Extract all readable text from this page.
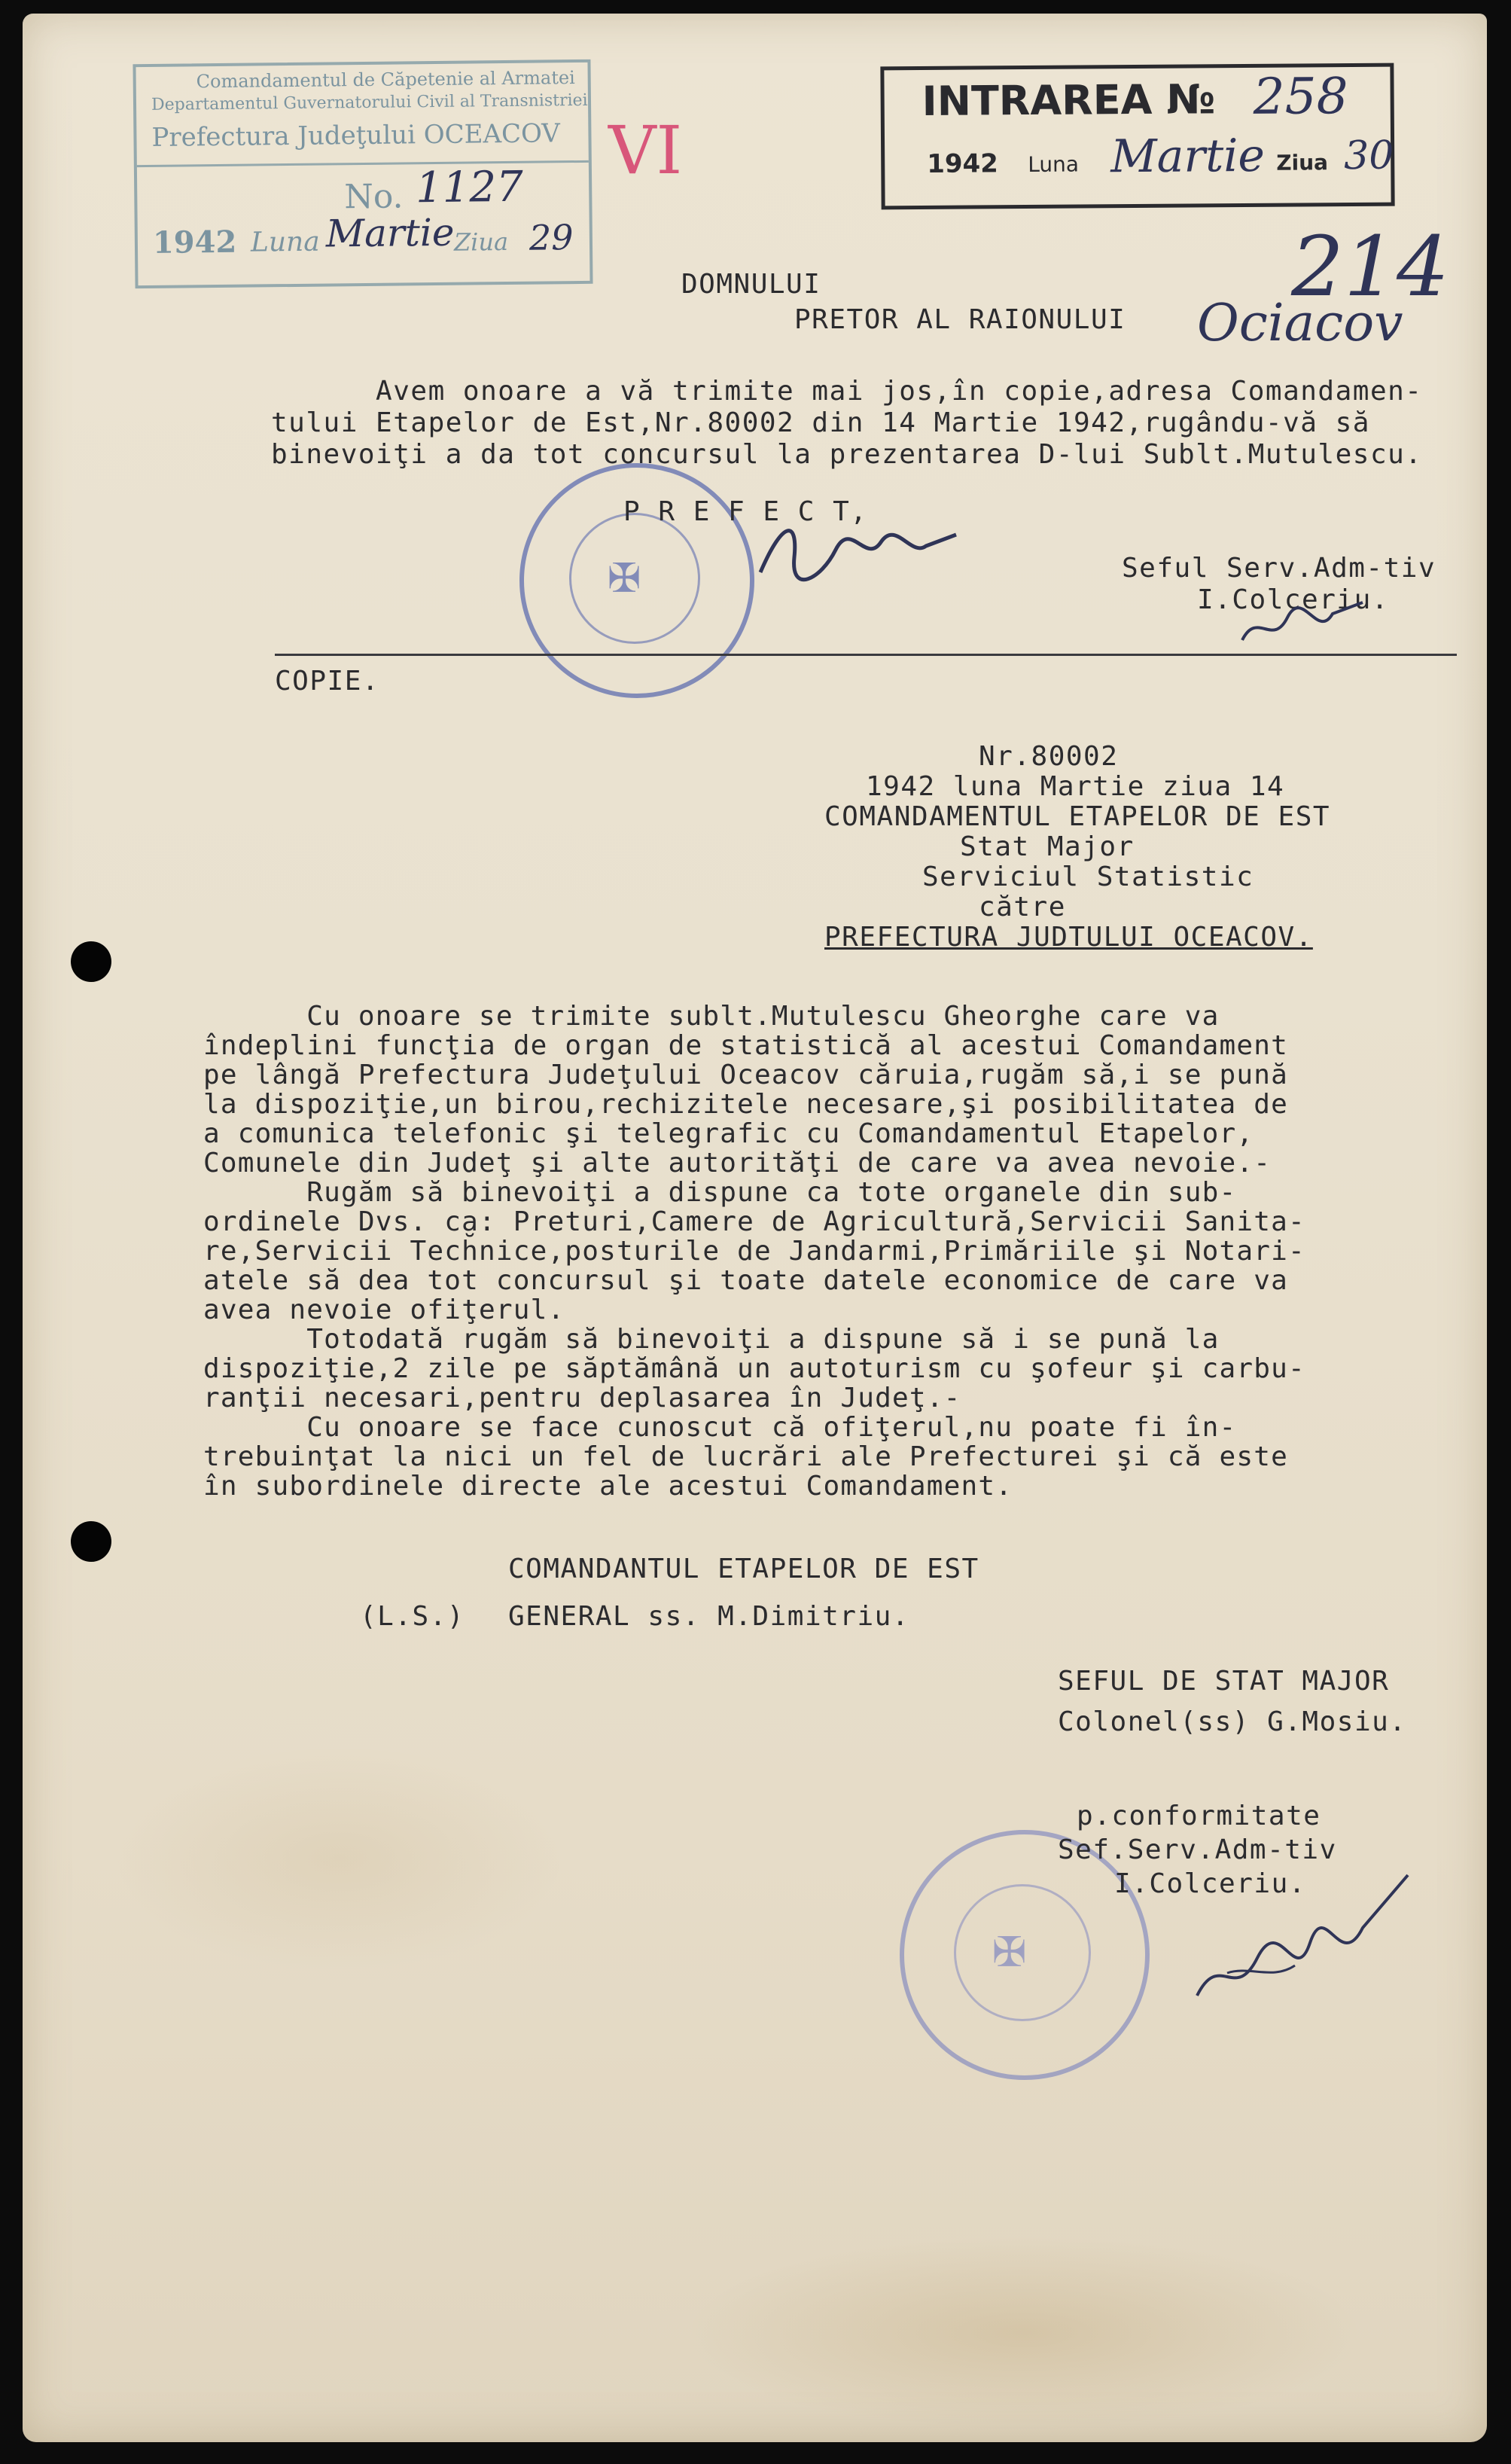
Comandamentul de Căpetenie al Armatei
Departamentul Guvernatorului Civil al Transnistriei
Prefectura Judeţului OCEACOV
No. 1127
1942 Luna Martie Ziua 29
VI
INTRAREA № 258
1942 Luna Martie Ziua 30
214
DOMNULUI
PRETOR AL RAIONULUI Ociacov
Avem onoare a vă trimite mai jos,în copie,adresa Comandamen-
tului Etapelor de Est,Nr.80002 din 14 Martie 1942,rugându-vă să
binevoiţi a da tot concursul la prezentarea D-lui Sublt.Mutulescu.
✠
P R E F E C T,
Seful Serv.Adm-tiv
I.Colceriu.
COPIE.
Nr.80002
1942 luna Martie ziua 14
COMANDAMENTUL ETAPELOR DE EST
Stat Major
Serviciul Statistic
către
PREFECTURA JUDTULUI OCEACOV.
Cu onoare se trimite sublt.Mutulescu Gheorghe care va
îndeplini funcţia de organ de statistică al acestui Comandament
pe lângă Prefectura Judeţului Oceacov căruia,rugăm să,i se pună
la dispoziţie,un birou,rechizitele necesare,şi posibilitatea de
a comunica telefonic şi telegrafic cu Comandamentul Etapelor,
Comunele din Judeţ şi alte autorităţi de care va avea nevoie.-
Rugăm să binevoiţi a dispune ca tote organele din sub-
ordinele Dvs. ca: Preturi,Camere de Agricultură,Servicii Sanita-
re,Servicii Tech̆nice,posturile de Jandarmi,Primăriile şi Notari-
atele să dea tot concursul şi toate datele economice de care va
avea nevoie ofiţerul.
Totodată rugăm să binevoiţi a dispune să i se pună la
dispoziţie,2 zile pe săptămână un autoturism cu şofeur şi carbu-
ranţii necesari,pentru deplasarea în Judeţ.-
Cu onoare se face cunoscut că ofiţerul,nu poate fi în-
trebuinţat la nici un fel de lucrări ale Prefecturei şi că este
în subordinele directe ale acestui Comandament.
COMANDANTUL ETAPELOR DE EST
(L.S.) GENERAL ss. M.Dimitriu.
SEFUL DE STAT MAJOR
Colonel(ss) G.Mosiu.
✠
p.conformitate
Sef.Serv.Adm-tiv
I.Colceriu.
